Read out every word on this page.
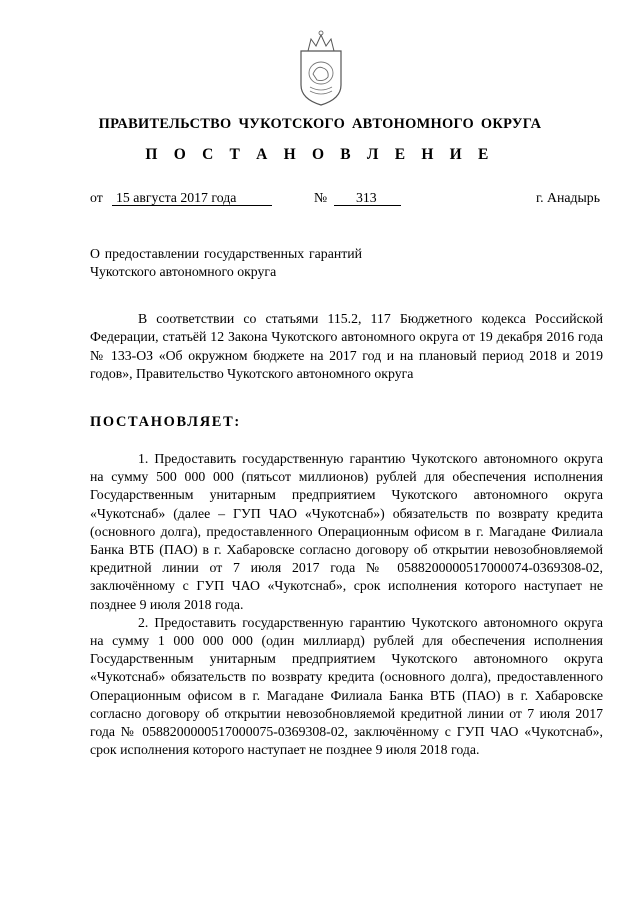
ПРАВИТЕЛЬСТВО ЧУКОТСКОГО АВТОНОМНОГО ОКРУГА
П О С Т А Н О В Л Е Н И Е
от 15 августа 2017 года	№	313	г. Анадырь

О предоставлении государственных гарантий Чукотского автономного округа

В соответствии со статьями 115.2, 117 Бюджетного кодекса Российской Федерации, статьёй 12 Закона Чукотского автономного округа от 19 декабря 2016 года № 133-ОЗ «Об окружном бюджете на 2017 год и на плановый период 2018 и 2019 годов», Правительство Чукотского автономного округа

ПОСТАНОВЛЯЕТ:

1. Предоставить государственную гарантию Чукотского автономного округа на сумму 500 000 000 (пятьсот миллионов) рублей для обеспечения исполнения Государственным унитарным предприятием Чукотского автономного округа «Чукотснаб» (далее – ГУП ЧАО «Чукотснаб») обязательств по возврату кредита (основного долга), предоставленного Операционным офисом в г. Магадане Филиала Банка ВТБ (ПАО) в г. Хабаровске согласно договору об открытии невозобновляемой кредитной линии от 7 июля 2017 года № 0588200000517000074-0369308-02, заключённому с ГУП ЧАО «Чукотснаб», срок исполнения которого наступает не позднее 9 июля 2018 года.

2. Предоставить государственную гарантию Чукотского автономного округа на сумму 1 000 000 000 (один миллиард) рублей для обеспечения исполнения Государственным унитарным предприятием Чукотского автономного округа «Чукотснаб» обязательств по возврату кредита (основного долга), предоставленного Операционным офисом в г. Магадане Филиала Банка ВТБ (ПАО) в г. Хабаровске согласно договору об открытии невозобновляемой кредитной линии от 7 июля 2017 года № 0588200000517000075-0369308-02, заключённому с ГУП ЧАО «Чукотснаб», срок исполнения которого наступает не позднее 9 июля 2018 года.
